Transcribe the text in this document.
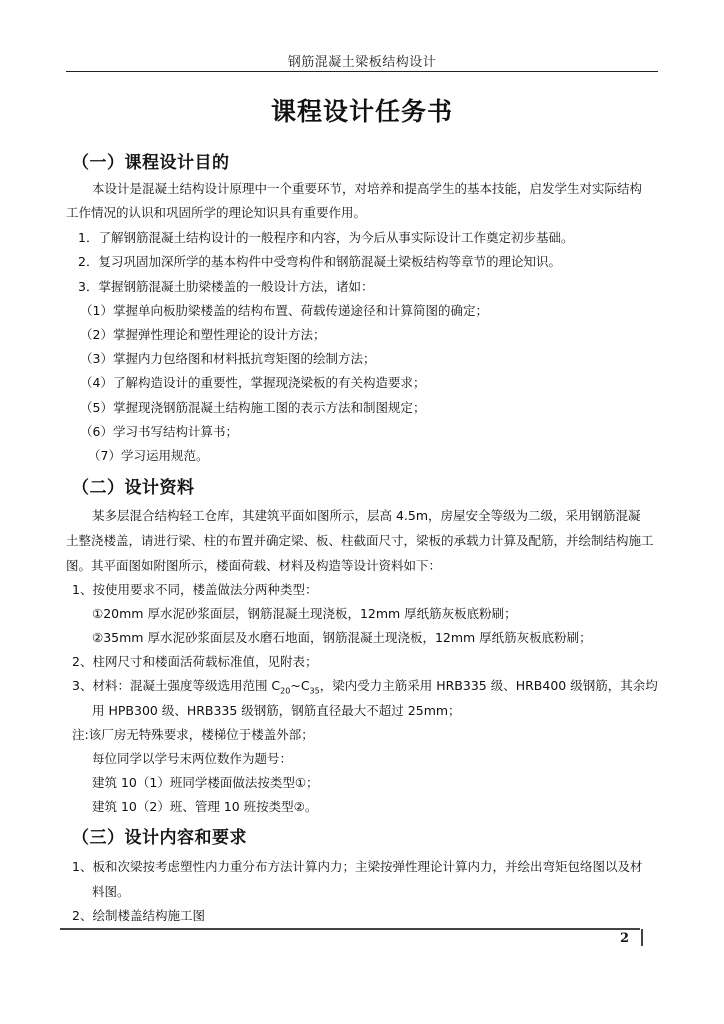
钢筋混凝土梁板结构设计
课程设计任务书
（一）课程设计目的
本设计是混凝土结构设计原理中一个重要环节，对培养和提高学生的基本技能，启发学生对实际结构
工作情况的认识和巩固所学的理论知识具有重要作用。
1．了解钢筋混凝土结构设计的一般程序和内容，为今后从事实际设计工作奠定初步基础。
2．复习巩固加深所学的基本构件中受弯构件和钢筋混凝土梁板结构等章节的理论知识。
3．掌握钢筋混凝土肋梁楼盖的一般设计方法，诸如：
（1）掌握单向板肋梁楼盖的结构布置、荷载传递途径和计算简图的确定；
（2）掌握弹性理论和塑性理论的设计方法；
（3）掌握内力包络图和材料抵抗弯矩图的绘制方法；
（4）了解构造设计的重要性，掌握现浇梁板的有关构造要求；
（5）掌握现浇钢筋混凝土结构施工图的表示方法和制图规定；
（6）学习书写结构计算书；
（7）学习运用规范。
（二）设计资料
某多层混合结构轻工仓库，其建筑平面如图所示，层高 4.5m，房屋安全等级为二级，采用钢筋混凝
土整浇楼盖，请进行梁、柱的布置并确定梁、板、柱截面尺寸，梁板的承载力计算及配筋，并绘制结构施工
图。其平面图如附图所示，楼面荷载、材料及构造等设计资料如下：
1、按使用要求不同，楼盖做法分两种类型：
①20mm 厚水泥砂浆面层，钢筋混凝土现浇板，12mm 厚纸筋灰板底粉刷；
②35mm 厚水泥砂浆面层及水磨石地面，钢筋混凝土现浇板，12mm 厚纸筋灰板底粉刷；
2、柱网尺寸和楼面活荷载标准值，见附表；
3、材料：混凝土强度等级选用范围 $C_{20}\sim C_{35}$，梁内受力主筋采用 HRB335 级、HRB400 级钢筋，其余均
用 HPB300 级、HRB335 级钢筋，钢筋直径最大不超过 25mm；
注:该厂房无特殊要求，楼梯位于楼盖外部；
每位同学以学号末两位数作为题号：
建筑 10（1）班同学楼面做法按类型①；
建筑 10（2）班、管理 10 班按类型②。
（三）设计内容和要求
1、板和次梁按考虑塑性内力重分布方法计算内力；主梁按弹性理论计算内力，并绘出弯矩包络图以及材
料图。
2、绘制楼盖结构施工图
2
